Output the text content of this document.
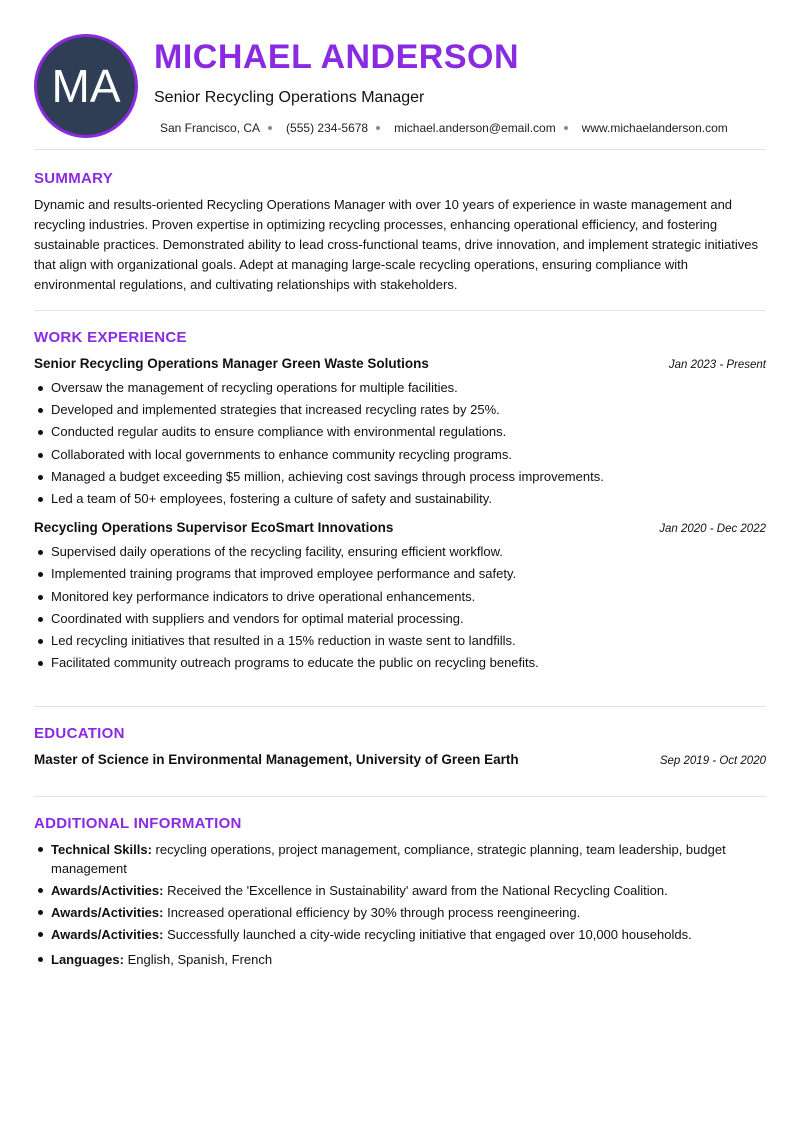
MA
MICHAEL ANDERSON
Senior Recycling Operations Manager
San Francisco, CA (555) 234-5678 michael.anderson@email.com www.michaelanderson.com
SUMMARY

Dynamic and results-oriented Recycling Operations Manager with over 10 years of experience in waste management and recycling industries. Proven expertise in optimizing recycling processes, enhancing operational efficiency, and fostering sustainable practices. Demonstrated ability to lead cross-functional teams, drive innovation, and implement strategic initiatives that align with organizational goals. Adept at managing large-scale recycling operations, ensuring compliance with environmental regulations, and cultivating relationships with stakeholders.

WORK EXPERIENCE
Senior Recycling Operations Manager Green Waste Solutions	Jan 2023 - Present
Oversaw the management of recycling operations for multiple facilities.
Developed and implemented strategies that increased recycling rates by 25%.
Conducted regular audits to ensure compliance with environmental regulations.
Collaborated with local governments to enhance community recycling programs.
Managed a budget exceeding $5 million, achieving cost savings through process improvements.
Led a team of 50+ employees, fostering a culture of safety and sustainability.
Recycling Operations Supervisor EcoSmart Innovations	Jan 2020 - Dec 2022
Supervised daily operations of the recycling facility, ensuring efficient workflow.
Implemented training programs that improved employee performance and safety.
Monitored key performance indicators to drive operational enhancements.
Coordinated with suppliers and vendors for optimal material processing.
Led recycling initiatives that resulted in a 15% reduction in waste sent to landfills.
Facilitated community outreach programs to educate the public on recycling benefits.
EDUCATION
Master of Science in Environmental Management, University of Green Earth	Sep 2019 - Oct 2020
ADDITIONAL INFORMATION
Technical Skills: recycling operations, project management, compliance, strategic planning, team leadership, budget management
Awards/Activities: Received the 'Excellence in Sustainability' award from the National Recycling Coalition.
Awards/Activities: Increased operational efficiency by 30% through process reengineering.
Awards/Activities: Successfully launched a city-wide recycling initiative that engaged over 10,000 households.
Languages: English, Spanish, French
